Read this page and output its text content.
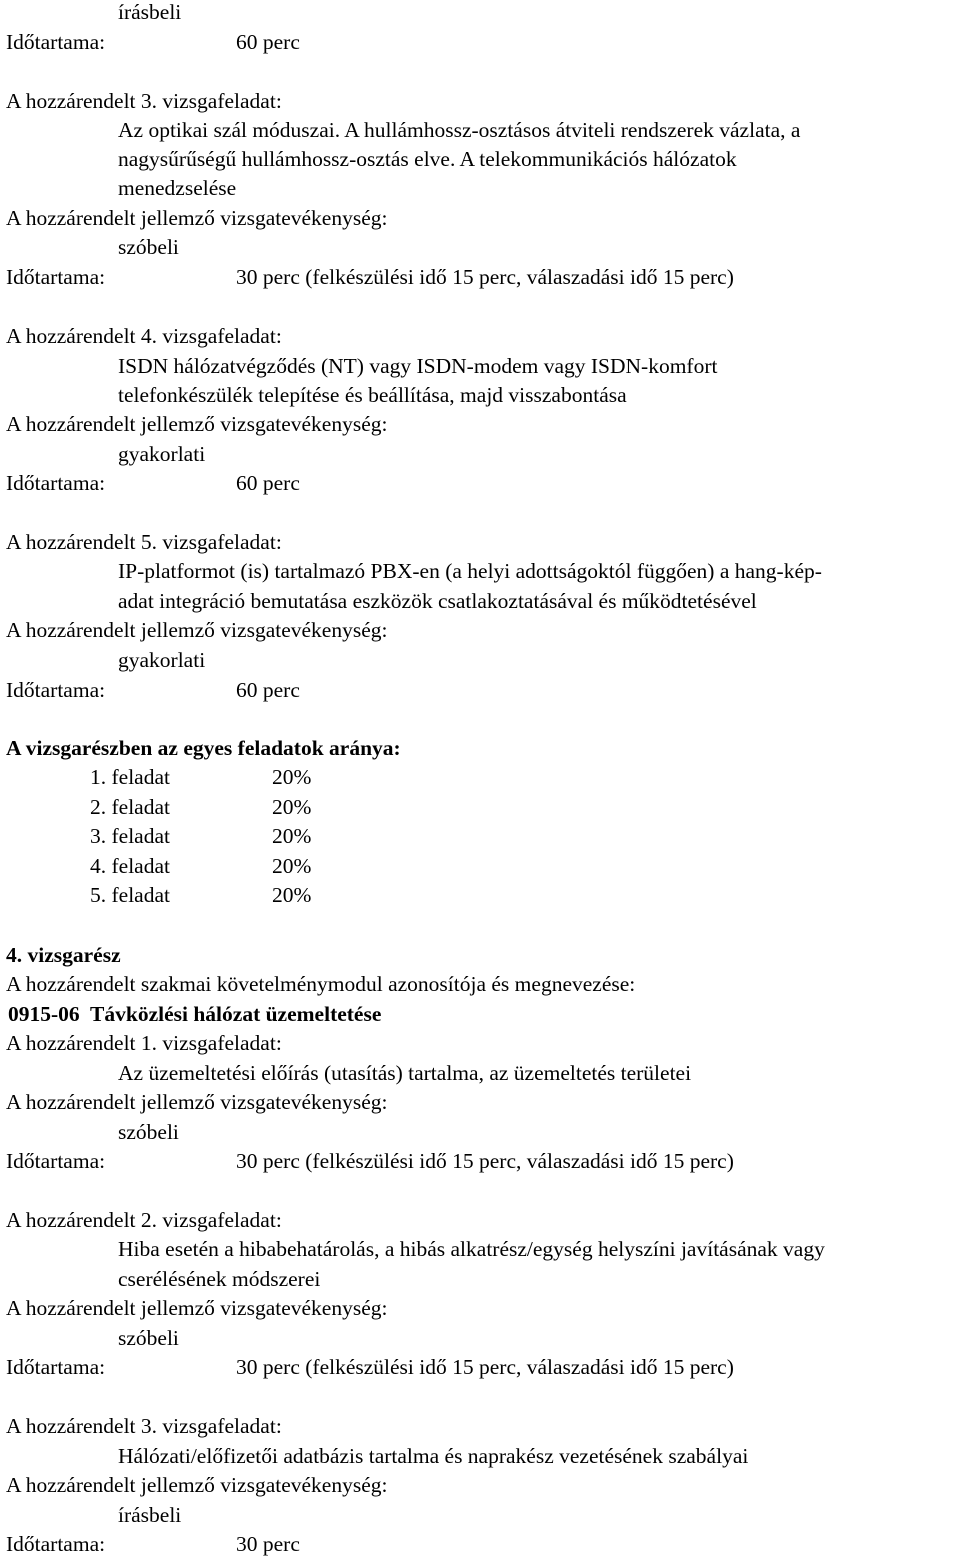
írásbeli
Időtartama:	60 perc
A hozzárendelt 3. vizsgafeladat:
Az optikai szál móduszai. A hullámhossz-osztásos átviteli rendszerek vázlata, a
nagysűrűségű hullámhossz-osztás elve. A telekommunikációs hálózatok
menedzselése
A hozzárendelt jellemző vizsgatevékenység:
szóbeli
Időtartama:	30 perc (felkészülési idő 15 perc, válaszadási idő 15 perc)
A hozzárendelt 4. vizsgafeladat:
ISDN hálózatvégződés (NT) vagy ISDN-modem vagy ISDN-komfort
telefonkészülék telepítése és beállítása, majd visszabontása
A hozzárendelt jellemző vizsgatevékenység:
gyakorlati
Időtartama:	60 perc
A hozzárendelt 5. vizsgafeladat:
IP-platformot (is) tartalmazó PBX-en (a helyi adottságoktól függően) a hang-kép-
adat integráció bemutatása eszközök csatlakoztatásával és működtetésével
A hozzárendelt jellemző vizsgatevékenység:
gyakorlati
Időtartama:	60 perc
A vizsgarészben az egyes feladatok aránya:
1. feladat	20%
2. feladat	20%
3. feladat	20%
4. feladat	20%
5. feladat	20%
4. vizsgarész
A hozzárendelt szakmai követelménymodul azonosítója és megnevezése:
0915-06  Távközlési hálózat üzemeltetése
A hozzárendelt 1. vizsgafeladat:
Az üzemeltetési előírás (utasítás) tartalma, az üzemeltetés területei
A hozzárendelt jellemző vizsgatevékenység:
szóbeli
Időtartama:	30 perc (felkészülési idő 15 perc, válaszadási idő 15 perc)
A hozzárendelt 2. vizsgafeladat:
Hiba esetén a hibabehatárolás, a hibás alkatrész/egység helyszíni javításának vagy
cserélésének módszerei
A hozzárendelt jellemző vizsgatevékenység:
szóbeli
Időtartama:	30 perc (felkészülési idő 15 perc, válaszadási idő 15 perc)
A hozzárendelt 3. vizsgafeladat:
Hálózati/előfizetői adatbázis tartalma és naprakész vezetésének szabályai
A hozzárendelt jellemző vizsgatevékenység:
írásbeli
Időtartama:	30 perc
